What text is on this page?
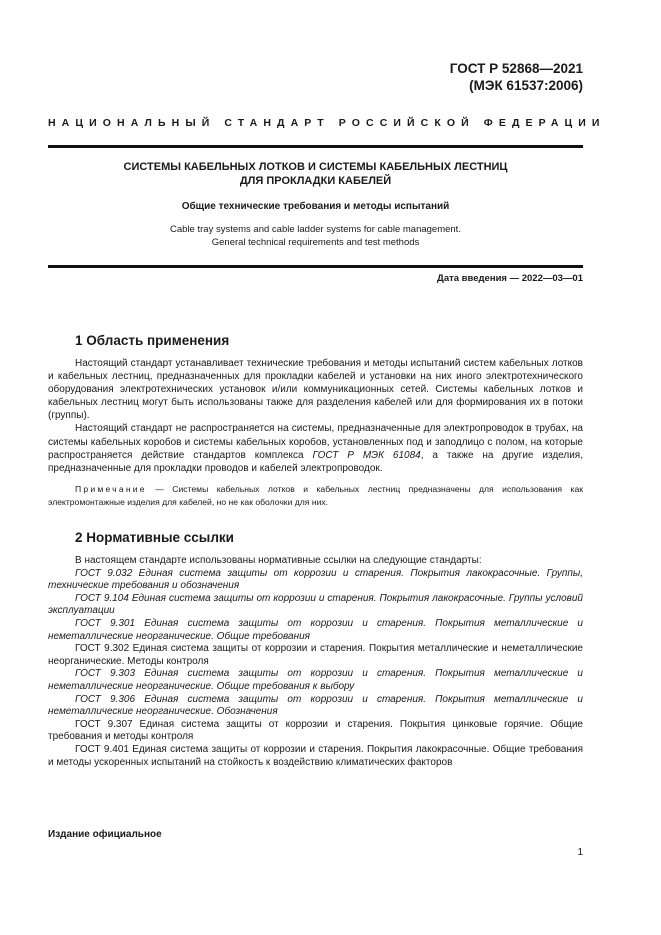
ГОСТ Р 52868—2021
(МЭК 61537:2006)
НАЦИОНАЛЬНЫЙ СТАНДАРТ РОССИЙСКОЙ ФЕДЕРАЦИИ
СИСТЕМЫ КАБЕЛЬНЫХ ЛОТКОВ И СИСТЕМЫ КАБЕЛЬНЫХ ЛЕСТНИЦ
ДЛЯ ПРОКЛАДКИ КАБЕЛЕЙ
Общие технические требования и методы испытаний
Cable tray systems and cable ladder systems for cable management.
General technical requirements and test methods
Дата введения — 2022—03—01
1 Область применения

Настоящий стандарт устанавливает технические требования и методы испытаний систем кабельных лотков и кабельных лестниц, предназначенных для прокладки кабелей и установки на них иного электротехнического оборудования электротехнических установок и/или коммуникационных сетей. Системы кабельных лотков и кабельных лестниц могут быть использованы также для разделения кабелей или для формирования их в потоки (группы).

Настоящий стандарт не распространяется на системы, предназначенные для электропроводок в трубах, на системы кабельных коробов и системы кабельных коробов, установленных под и заподлицо с полом, на которые распространяется действие стандартов комплекса ГОСТ Р МЭК 61084, а также на другие изделия, предназначенные для прокладки проводов и кабелей электропроводок.

Примечание — Системы кабельных лотков и кабельных лестниц предназначены для использования как электромонтажные изделия для кабелей, но не как оболочки для них.

2 Нормативные ссылки

В настоящем стандарте использованы нормативные ссылки на следующие стандарты:

ГОСТ 9.032 Единая система защиты от коррозии и старения. Покрытия лакокрасочные. Группы, технические требования и обозначения

ГОСТ 9.104 Единая система защиты от коррозии и старения. Покрытия лакокрасочные. Группы условий эксплуатации

ГОСТ 9.301 Единая система защиты от коррозии и старения. Покрытия металлические и неметаллические неорганические. Общие требования

ГОСТ 9.302 Единая система защиты от коррозии и старения. Покрытия металлические и неметаллические неорганические. Методы контроля

ГОСТ 9.303 Единая система защиты от коррозии и старения. Покрытия металлические и неметаллические неорганические. Общие требования к выбору

ГОСТ 9.306 Единая система защиты от коррозии и старения. Покрытия металлические и неметаллические неорганические. Обозначения

ГОСТ 9.307 Единая система защиты от коррозии и старения. Покрытия цинковые горячие. Общие требования и методы контроля

ГОСТ 9.401 Единая система защиты от коррозии и старения. Покрытия лакокрасочные. Общие требования и методы ускоренных испытаний на стойкость к воздействию климатических факторов

Издание официальное
1
